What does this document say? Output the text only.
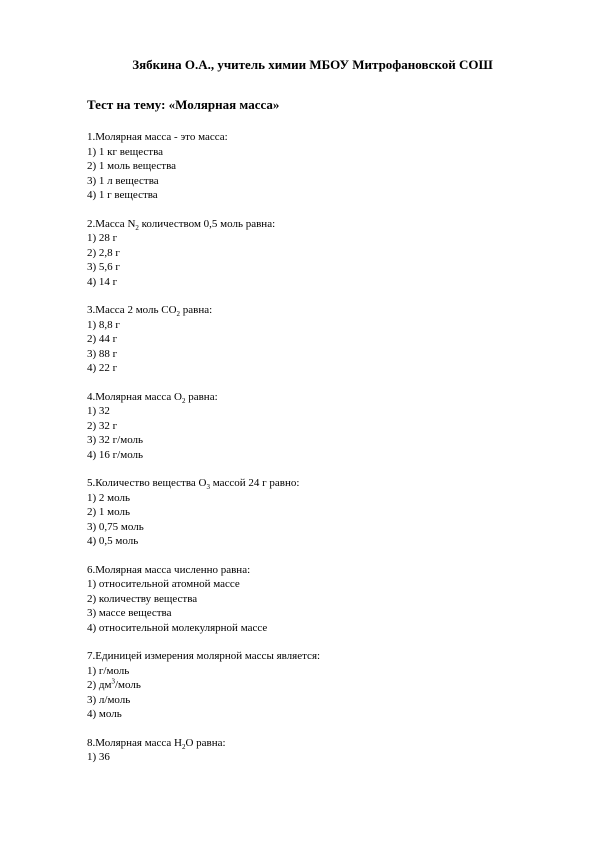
Зябкина О.А., учитель химии МБОУ Митрофановской СОШ
Тест на тему: «Молярная масса»
1.Молярная масса - это масса:
1) 1 кг вещества
2) 1 моль вещества
3) 1 л вещества
4) 1 г вещества
2.Масса $N_2$ количеством 0,5 моль равна:
1) 28 г
2) 2,8 г
3) 5,6 г
4) 14 г
3.Масса 2 моль $CO_2$ равна:
1) 8,8 г
2) 44 г
3) 88 г
4) 22 г
4.Молярная масса $O_2$ равна:
1) 32
2) 32 г
3) 32 г/моль
4) 16 г/моль
5.Количество вещества $O_3$ массой 24 г равно:
1) 2 моль
2) 1 моль
3) 0,75 моль
4) 0,5 моль
6.Молярная масса численно равна:
1) относительной атомной массе
2) количеству вещества
3) массе вещества
4) относительной молекулярной массе
7.Единицей измерения молярной массы является:
1) г/моль
2) $дм^3$/моль
3) л/моль
4) моль
8.Молярная масса $H_2O$ равна:
1) 36
